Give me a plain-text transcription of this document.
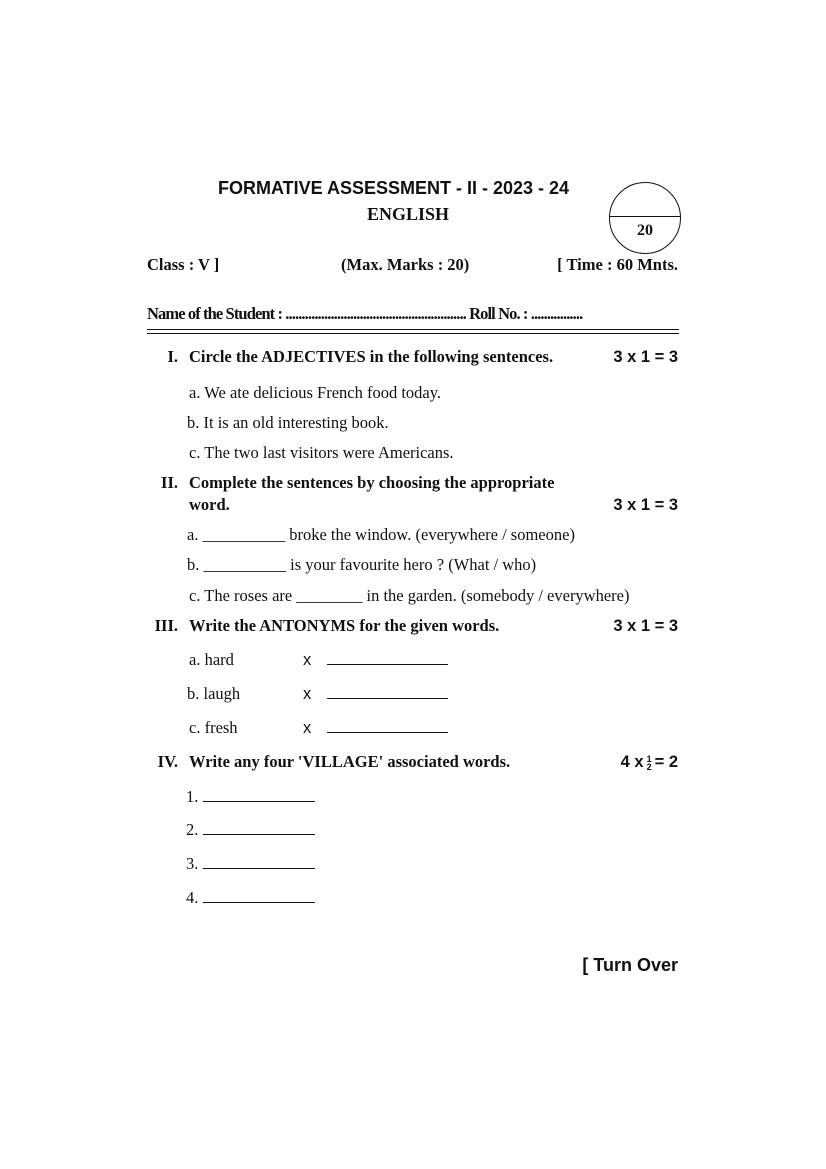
FORMATIVE ASSESSMENT - II - 2023 - 24
ENGLISH
20
Class : V ]	(Max. Marks : 20)	[ Time : 60 Mnts.
Name of the Student : ........................................................ Roll No. : ................
I. Circle the ADJECTIVES in the following sentences.	3 x 1 = 3
a. We ate delicious French food today.
b. It is an old interesting book.
c. The two last visitors were Americans.
II. Complete the sentences by choosing the appropriate
word.	3 x 1 = 3
a. __________ broke the window. (everywhere / someone)
b. __________ is your favourite hero ? (What / who)
c. The roses are ________ in the garden. (somebody / everywhere)
III. Write the ANTONYMS for the given words.	3 x 1 = 3
a. hard	x
b. laugh	x
c. fresh	x
IV. Write any four 'VILLAGE' associated words.	4 x 1
2 = 2
1.
2.
3.
4.
[ Turn Over
